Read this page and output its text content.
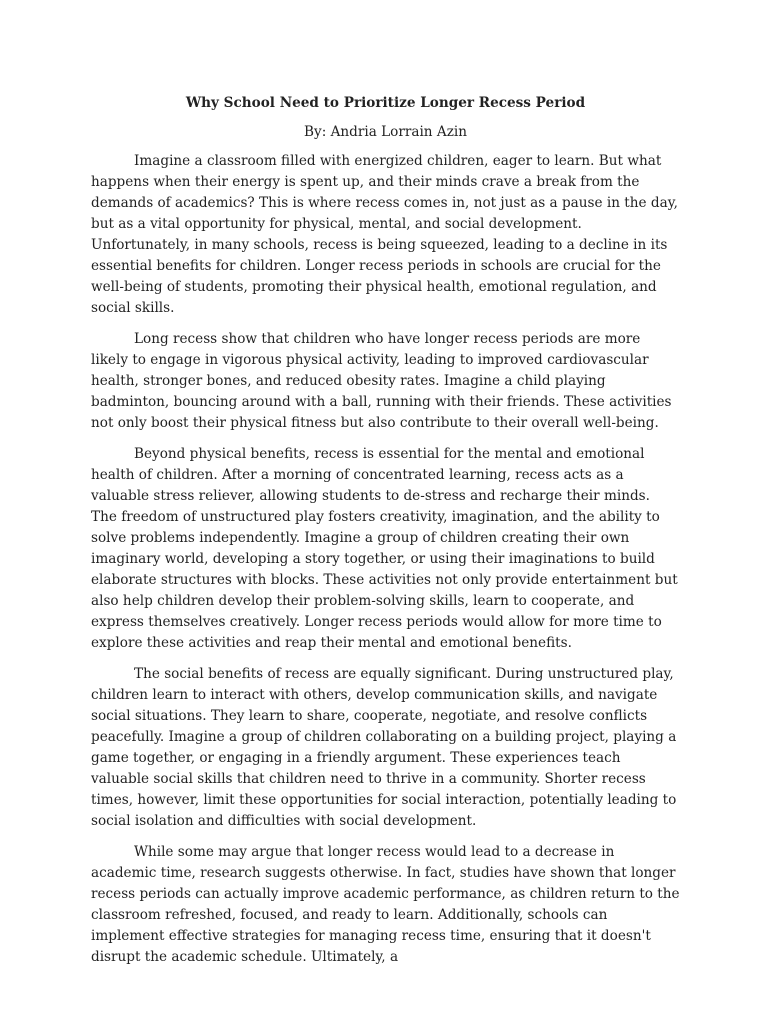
Why School Need to Prioritize Longer Recess Period
By: Andria Lorrain Azin

Imagine a classroom filled with energized children, eager to learn. But what happens when their energy is spent up, and their minds crave a break from the demands of academics? This is where recess comes in, not just as a pause in the day, but as a vital opportunity for physical, mental, and social development. Unfortunately, in many schools, recess is being squeezed, leading to a decline in its essential benefits for children. Longer recess periods in schools are crucial for the well-being of students, promoting their physical health, emotional regulation, and social skills.

Long recess show that children who have longer recess periods are more likely to engage in vigorous physical activity, leading to improved cardiovascular health, stronger bones, and reduced obesity rates. Imagine a child playing badminton, bouncing around with a ball, running with their friends. These activities not only boost their physical fitness but also contribute to their overall well-being.

Beyond physical benefits, recess is essential for the mental and emotional health of children. After a morning of concentrated learning, recess acts as a valuable stress reliever, allowing students to de-stress and recharge their minds. The freedom of unstructured play fosters creativity, imagination, and the ability to solve problems independently. Imagine a group of children creating their own imaginary world, developing a story together, or using their imaginations to build elaborate structures with blocks. These activities not only provide entertainment but also help children develop their problem-solving skills, learn to cooperate, and express themselves creatively. Longer recess periods would allow for more time to explore these activities and reap their mental and emotional benefits.

The social benefits of recess are equally significant. During unstructured play, children learn to interact with others, develop communication skills, and navigate social situations. They learn to share, cooperate, negotiate, and resolve conflicts peacefully. Imagine a group of children collaborating on a building project, playing a game together, or engaging in a friendly argument. These experiences teach valuable social skills that children need to thrive in a community. Shorter recess times, however, limit these opportunities for social interaction, potentially leading to social isolation and difficulties with social development.

While some may argue that longer recess would lead to a decrease in academic time, research suggests otherwise. In fact, studies have shown that longer recess periods can actually improve academic performance, as children return to the classroom refreshed, focused, and ready to learn. Additionally, schools can implement effective strategies for managing recess time, ensuring that it doesn't disrupt the academic schedule. Ultimately, a
